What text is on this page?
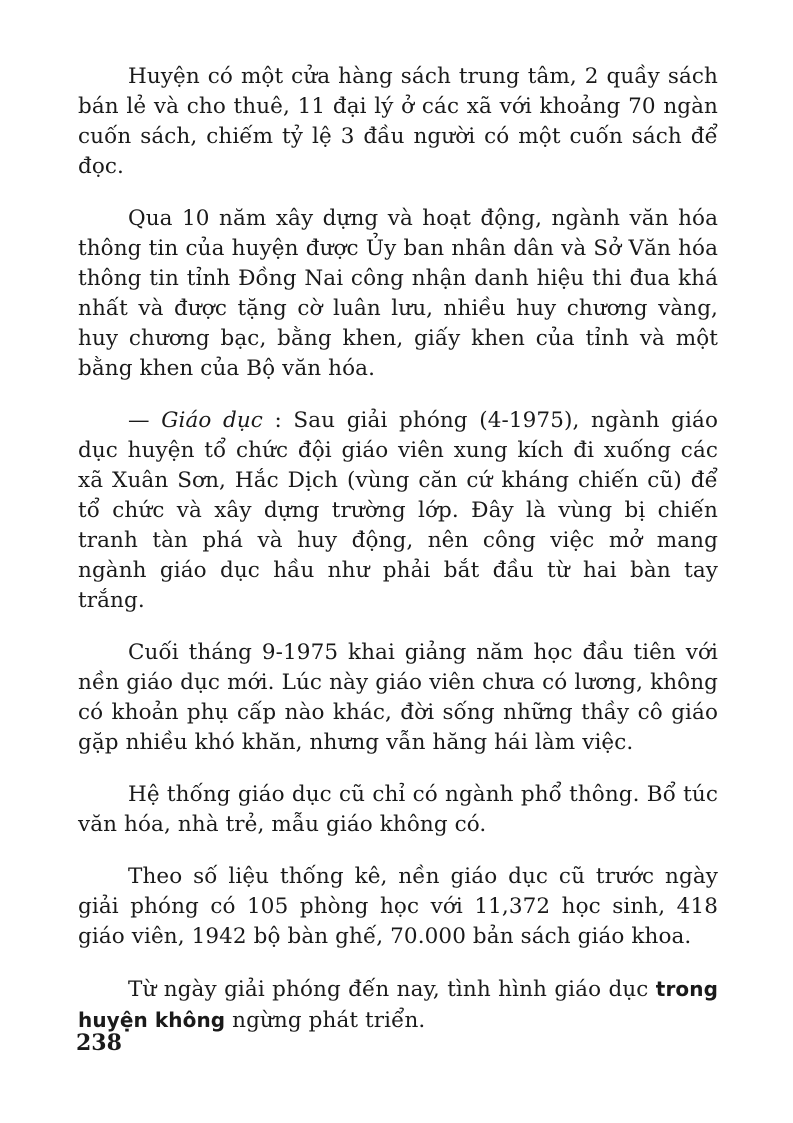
Huyện có một cửa hàng sách trung tâm, 2 quầy sách bán lẻ và cho thuê, 11 đại lý ở các xã với khoảng 70 ngàn cuốn sách, chiếm tỷ lệ 3 đầu người có một cuốn sách để đọc.

Qua 10 năm xây dựng và hoạt động, ngành văn hóa thông tin của huyện được Ủy ban nhân dân và Sở Văn hóa thông tin tỉnh Đồng Nai công nhận danh hiệu thi đua khá nhất và được tặng cờ luân lưu, nhiều huy chương vàng, huy chương bạc, bằng khen, giấy khen của tỉnh và một bằng khen của Bộ văn hóa.

— Giáo dục : Sau giải phóng (4-1975), ngành giáo dục huyện tổ chức đội giáo viên xung kích đi xuống các xã Xuân Sơn, Hắc Dịch (vùng căn cứ kháng chiến cũ) để tổ chức và xây dựng trường lớp. Đây là vùng bị chiến tranh tàn phá và huy động, nên công việc mở mang ngành giáo dục hầu như phải bắt đầu từ hai bàn tay trắng.

Cuối tháng 9-1975 khai giảng năm học đầu tiên với nền giáo dục mới. Lúc này giáo viên chưa có lương, không có khoản phụ cấp nào khác, đời sống những thầy cô giáo gặp nhiều khó khăn, nhưng vẫn hăng hái làm việc.

Hệ thống giáo dục cũ chỉ có ngành phổ thông. Bổ túc văn hóa, nhà trẻ, mẫu giáo không có.

Theo số liệu thống kê, nền giáo dục cũ trước ngày giải phóng có 105 phòng học với 11,372 học sinh, 418 giáo viên, 1942 bộ bàn ghế, 70.000 bản sách giáo khoa.

Từ ngày giải phóng đến nay, tình hình giáo dục trong huyện không ngừng phát triển.

238
